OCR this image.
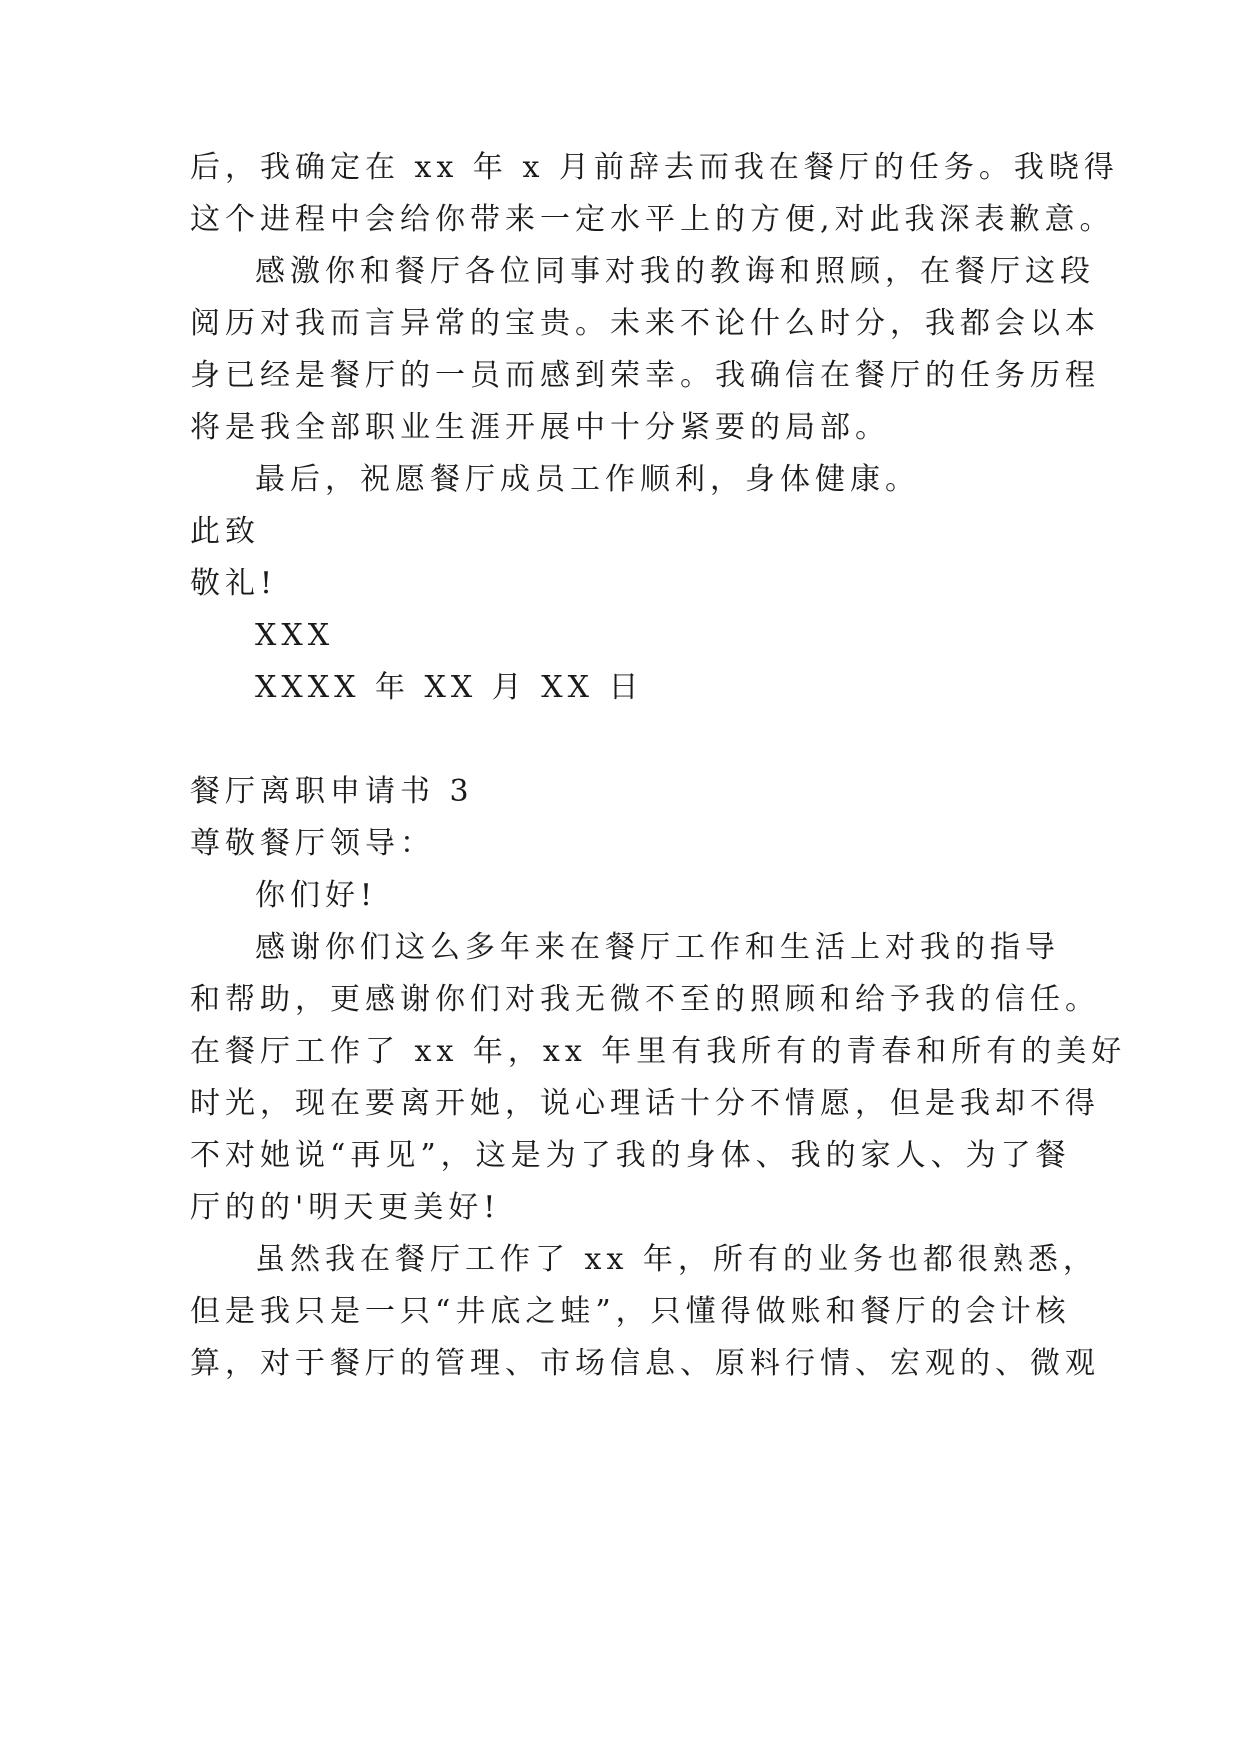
后，我确定在 xx 年 x 月前辞去而我在餐厅的任务。我晓得
这个进程中会给你带来一定水平上的方便,对此我深表歉意。
感激你和餐厅各位同事对我的教诲和照顾，在餐厅这段
阅历对我而言异常的宝贵。未来不论什么时分，我都会以本
身已经是餐厅的一员而感到荣幸。我确信在餐厅的任务历程
将是我全部职业生涯开展中十分紧要的局部。
最后，祝愿餐厅成员工作顺利，身体健康。
此致
敬礼!
XXX
XXXX 年 XX 月 XX 日
餐厅离职申请书 3
尊敬餐厅领导：
你们好!
感谢你们这么多年来在餐厅工作和生活上对我的指导
和帮助，更感谢你们对我无微不至的照顾和给予我的信任。
在餐厅工作了 xx 年，xx 年里有我所有的青春和所有的美好
时光，现在要离开她，说心理话十分不情愿，但是我却不得
不对她说“再见”，这是为了我的身体、我的家人、为了餐
厅的的'明天更美好!
虽然我在餐厅工作了 xx 年，所有的业务也都很熟悉，
但是我只是一只“井底之蛙”，只懂得做账和餐厅的会计核
算，对于餐厅的管理、市场信息、原料行情、宏观的、微观
